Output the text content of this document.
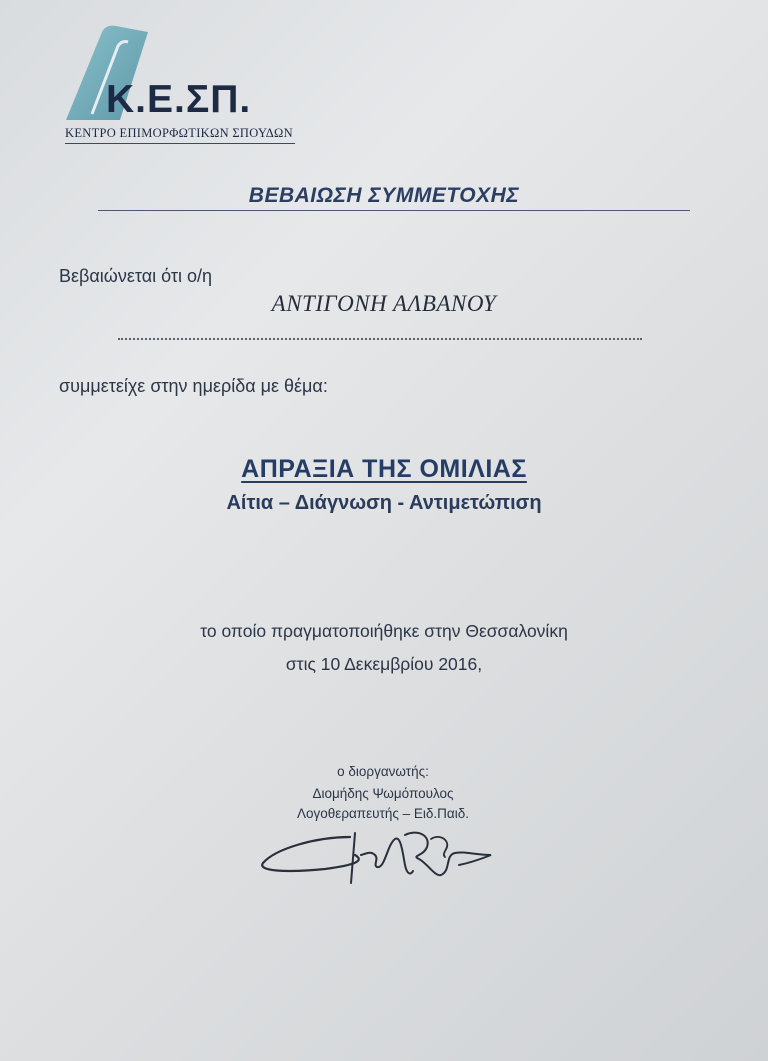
Κ.Ε.ΣΠ.
ΚΕΝΤΡΟ ΕΠΙΜΟΡΦΩΤΙΚΩΝ ΣΠΟΥΔΩΝ
ΒΕΒΑΙΩΣΗ ΣΥΜΜΕΤΟΧΗΣ
Βεβαιώνεται ότι ο/η
ΑΝΤΙΓΟΝΗ ΑΛΒΑΝΟΥ
συμμετείχε στην ημερίδα με θέμα:
ΑΠΡΑΞΙΑ ΤΗΣ ΟΜΙΛΙΑΣ
Αίτια – Διάγνωση - Αντιμετώπιση
το οποίο πραγματοποιήθηκε στην Θεσσαλονίκη
στις 10 Δεκεμβρίου 2016,
ο διοργανωτής:
Διομήδης Ψωμόπουλος
Λογοθεραπευτής – Ειδ.Παιδ.
